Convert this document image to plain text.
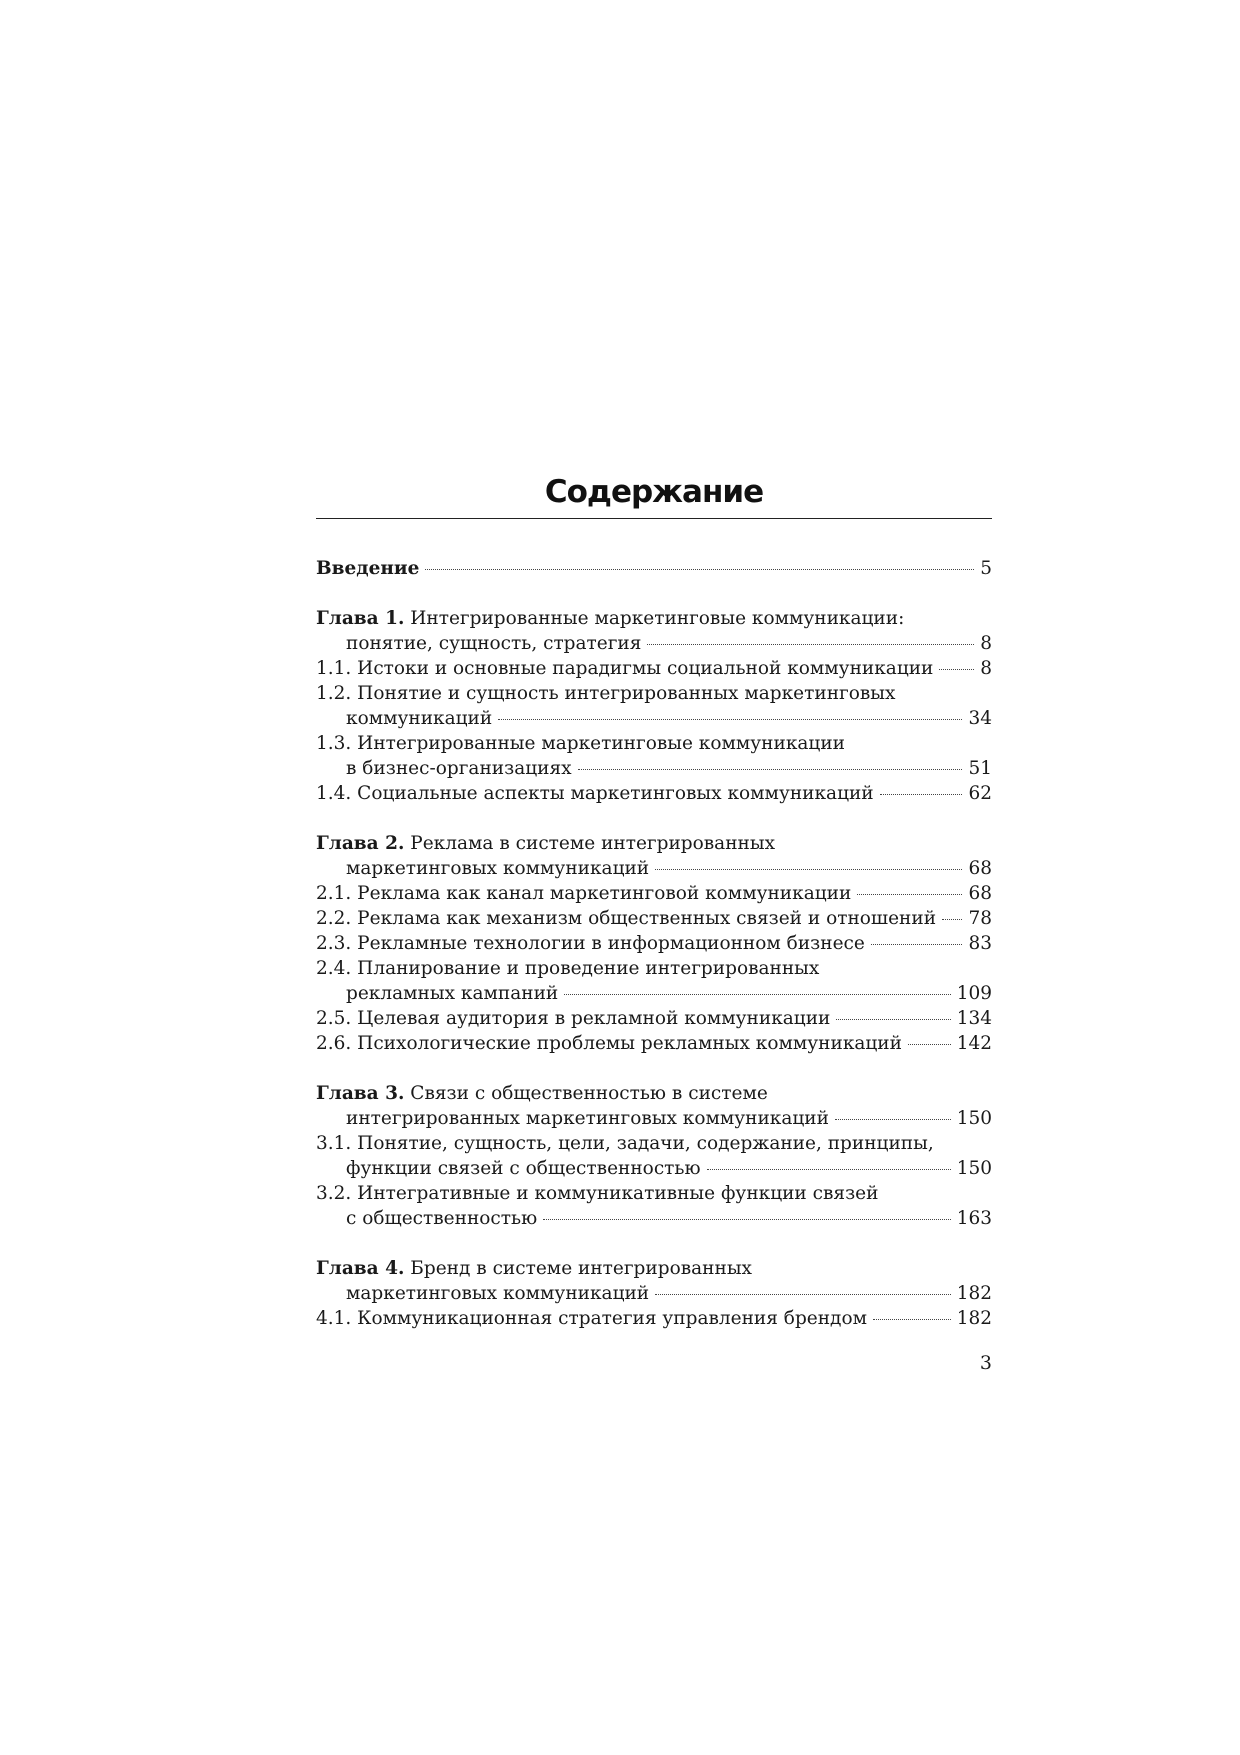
Содержание
Введение	5
Глава 1. Интегрированные маркетинговые коммуникации:
понятие, сущность, стратегия	8
1.1. Истоки и основные парадигмы социальной коммуникации	8
1.2. Понятие и сущность интегрированных маркетинговых
коммуникаций	34
1.3. Интегрированные маркетинговые коммуникации
в бизнес-организациях	51
1.4. Социальные аспекты маркетинговых коммуникаций	62
Глава 2. Реклама в системе интегрированных
маркетинговых коммуникаций	68
2.1. Реклама как канал маркетинговой коммуникации	68
2.2. Реклама как механизм общественных связей и отношений 78
2.3. Рекламные технологии в информационном бизнесе	83
2.4. Планирование и проведение интегрированных
рекламных кампаний	109
2.5. Целевая аудитория в рекламной коммуникации	134
2.6. Психологические проблемы рекламных коммуникаций	142
Глава 3. Связи с общественностью в системе
интегрированных маркетинговых коммуникаций	150
3.1. Понятие, сущность, цели, задачи, содержание, принципы,
функции связей с общественностью	150
3.2. Интегративные и коммуникативные функции связей
с общественностью	163
Глава 4. Бренд в системе интегрированных
маркетинговых коммуникаций	182
4.1. Коммуникационная стратегия управления брендом	182
3
